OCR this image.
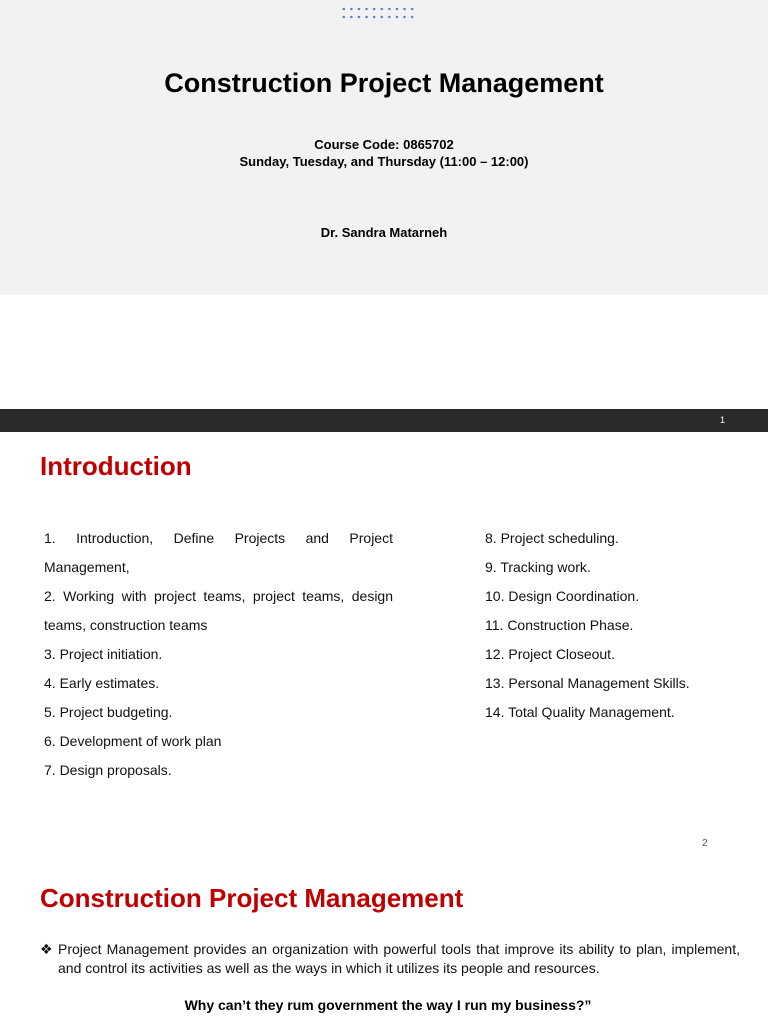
Construction Project Management
Course Code: 0865702
Sunday, Tuesday, and Thursday (11:00 – 12:00)
Dr. Sandra Matarneh
1
Introduction
1. Introduction, Define Projects and Project Management,
2. Working with project teams, project teams, design teams, construction teams
3. Project initiation.
4. Early estimates.
5. Project budgeting.
6. Development of work plan
7. Design proposals.
8. Project scheduling.
9. Tracking work.
10. Design Coordination.
11. Construction Phase.
12. Project Closeout.
13. Personal Management Skills.
14. Total Quality Management.
2
Construction Project Management
❖ Project Management provides an organization with powerful tools that improve its ability to plan, implement, and control its activities as well as the ways in which it utilizes its people and resources.
Why can’t they rum government the way I run my business?”
